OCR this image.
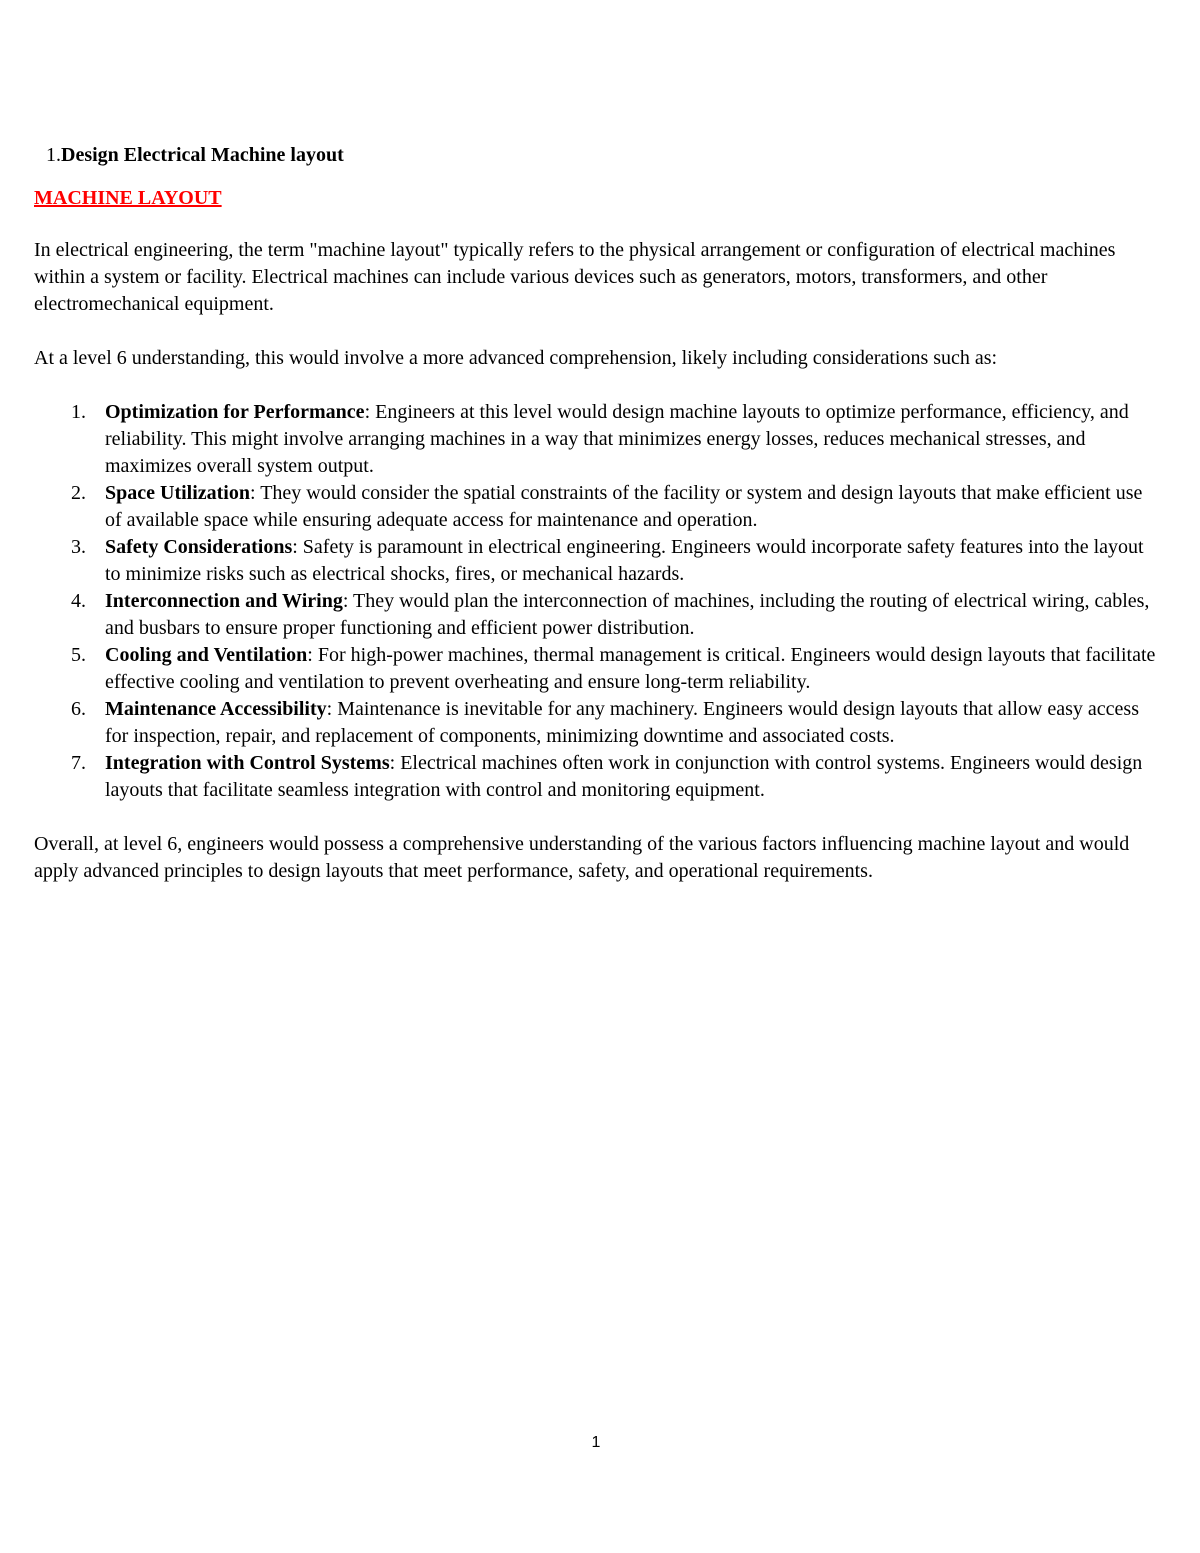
1.Design Electrical Machine layout
MACHINE LAYOUT

In electrical engineering, the term "machine layout" typically refers to the physical arrangement or configuration of electrical machines within a system or facility. Electrical machines can include various devices such as generators, motors, transformers, and other electromechanical equipment.

At a level 6 understanding, this would involve a more advanced comprehension, likely including considerations such as:

1. Optimization for Performance: Engineers at this level would design machine layouts to optimize performance, efficiency, and reliability. This might involve arranging machines in a way that minimizes energy losses, reduces mechanical stresses, and maximizes overall system output.
2. Space Utilization: They would consider the spatial constraints of the facility or system and design layouts that make efficient use of available space while ensuring adequate access for maintenance and operation.
3. Safety Considerations: Safety is paramount in electrical engineering. Engineers would incorporate safety features into the layout to minimize risks such as electrical shocks, fires, or mechanical hazards.
4. Interconnection and Wiring: They would plan the interconnection of machines, including the routing of electrical wiring, cables, and busbars to ensure proper functioning and efficient power distribution.
5. Cooling and Ventilation: For high-power machines, thermal management is critical. Engineers would design layouts that facilitate effective cooling and ventilation to prevent overheating and ensure long-term reliability.
6. Maintenance Accessibility: Maintenance is inevitable for any machinery. Engineers would design layouts that allow easy access for inspection, repair, and replacement of components, minimizing downtime and associated costs.
7. Integration with Control Systems: Electrical machines often work in conjunction with control systems. Engineers would design layouts that facilitate seamless integration with control and monitoring equipment.

Overall, at level 6, engineers would possess a comprehensive understanding of the various factors influencing machine layout and would apply advanced principles to design layouts that meet performance, safety, and operational requirements.

1
